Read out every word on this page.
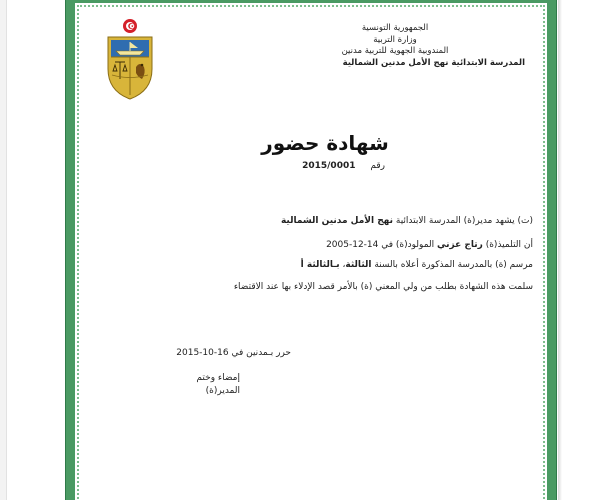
الجمهورية التونسية
وزارة التربية
المندوبية الجهوية للتربية مدنين
المدرسة الابتدائية نهج الأمل مدنين الشمالية
شهادة حضور
رقم 2015/0001
(ت) يشهد مدير(ة) المدرسة الابتدائية نهج الأمل مدنين الشمالية
أن التلميذ(ة) رتاج عزني المولود(ة) في 14-12-2005
مرسم (ة) بالمدرسة المذكورة أعلاه بالسنة الثالثة، بـالثالثة أ
سلمت هذه الشهادة بطلب من ولي المعني (ة) بالأمر قصد الإدلاء بها عند الاقتضاء
حرر بـمدنين في 16-10-2015
إمضاء وختم
المدير(ة)
